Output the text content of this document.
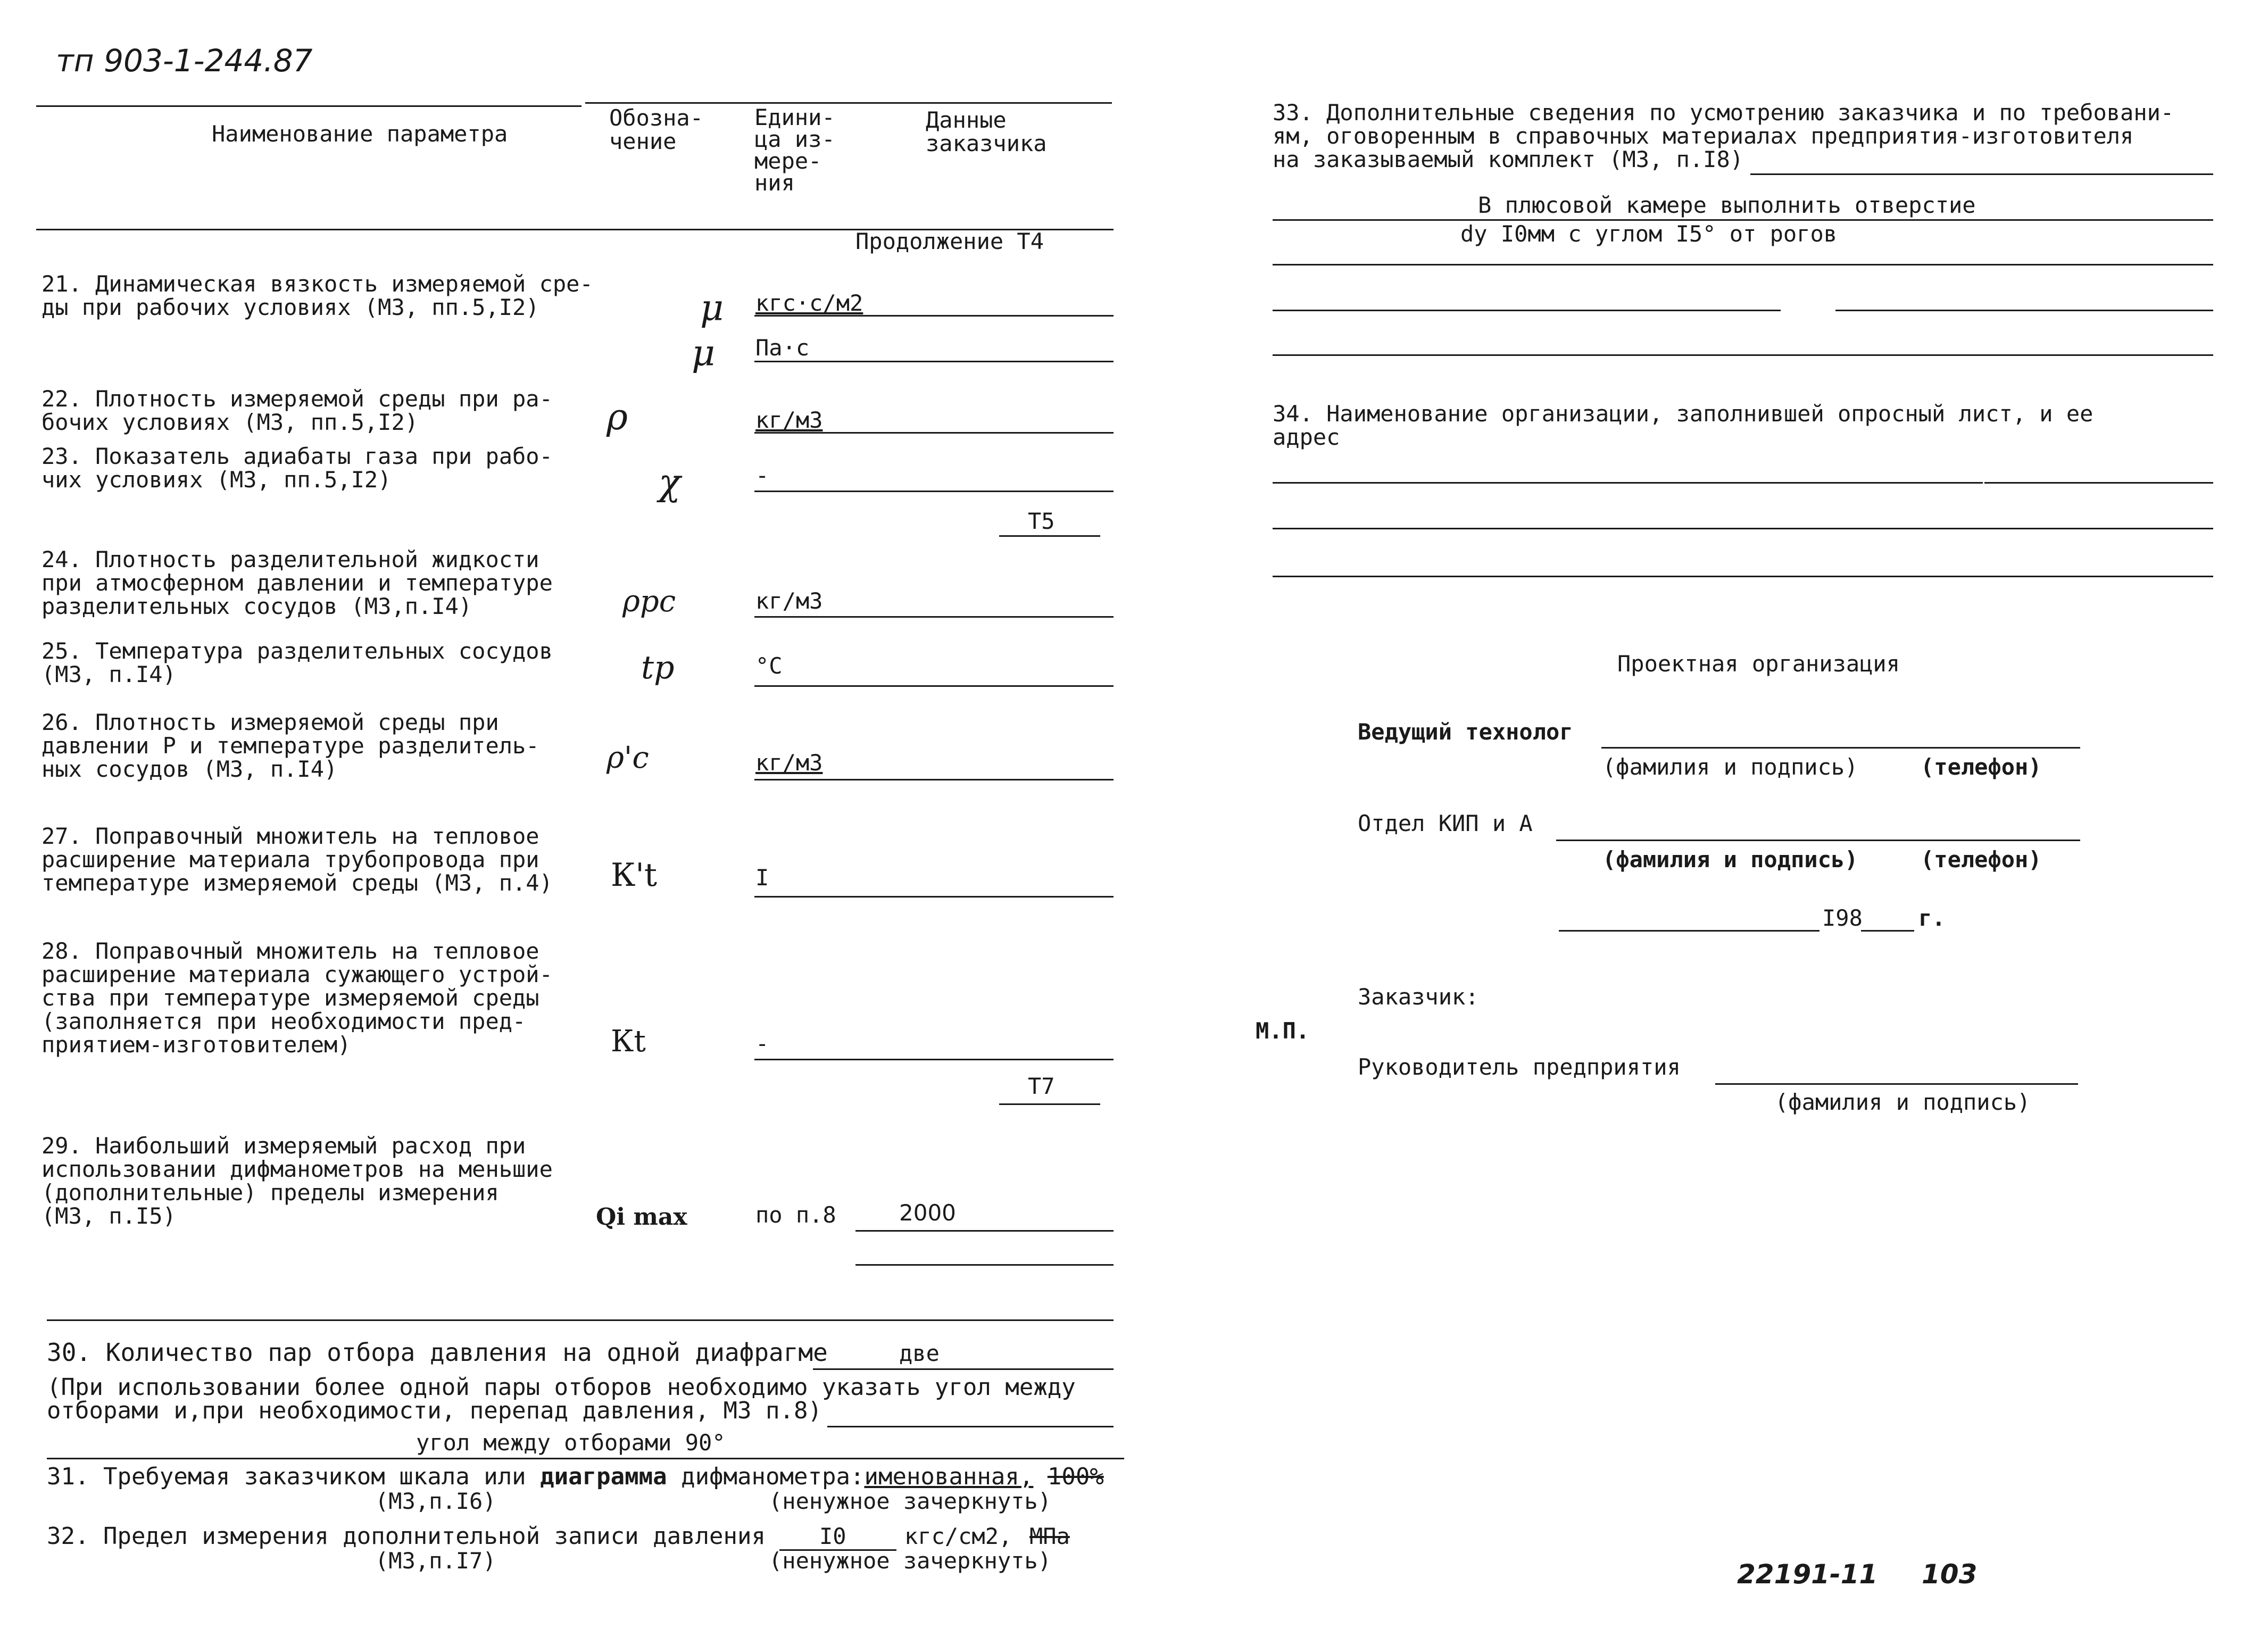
тп 903-1-244.87
Наименование параметра
Обозна-
чение
Едини-
ца из-
мере-
ния
Данные
заказчика
Продолжение Т4
21. Динамическая вязкость измеряемой сре-
ды при рабочих условиях (МЗ, пп.5,I2)	μ кгс·с/м2
μ Па·с
22. Плотность измеряемой среды при ра-
бочих условиях (МЗ, пп.5,I2)	ρ	кг/м3
23. Показатель адиабаты газа при рабо-
чих условиях (МЗ, пп.5,I2)	χ	-
Т5
24. Плотность разделительной жидкости
при атмосферном давлении и температуре
разделительных сосудов (МЗ,п.I4)	ρрс	кг/м3
25. Температура разделительных сосудов
(МЗ, п.I4)	tр	°C
26. Плотность измеряемой среды при
давлении Р и температуре разделитель-
ных сосудов (МЗ, п.I4)	ρ'с	кг/м3
27. Поправочный множитель на тепловое
расширение материала трубопровода при
температуре измеряемой среды (МЗ, п.4) К't	I
28. Поправочный множитель на тепловое
расширение материала сужающего устрой-
ства при температуре измеряемой среды
(заполняется при необходимости пред-
приятием-изготовителем)	Кt	-
Т7
29. Наибольший измеряемый расход при
использовании дифманометров на меньшие
(дополнительные) пределы измерения
(МЗ, п.I5)	Qi max	по п.8	2000
30. Количество пар отбора давления на одной диафрагме	две
(При использовании более одной пары отборов необходимо указать угол между
отборами и,при необходимости, перепад давления, МЗ п.8)
угол между отборами 90°
31. Требуемая заказчиком шкала или диаграмма дифманометра:именованная, 100%
(МЗ,п.I6)	(ненужное зачеркнуть)
32. Предел измерения дополнительной записи давления I0	кгс/см2, МПа
(МЗ,п.I7)	(ненужное зачеркнуть)
33. Дополнительные сведения по усмотрению заказчика и по требовани-
ям, оговоренным в справочных материалах предприятия-изготовителя
на заказываемый комплект (МЗ, п.I8)
В плюсовой камере выполнить отверстие
dу I0мм с углом I5° от рогов
34. Наименование организации, заполнившей опросный лист, и ее
адрес
Проектная организация
Ведущий технолог
(фамилия и подпись)	(телефон)
Отдел КИП и А
(фамилия и подпись)	(телефон)
I98	г.
Заказчик:
М.П.
Руководитель предприятия
(фамилия и подпись)
22191-11 103
